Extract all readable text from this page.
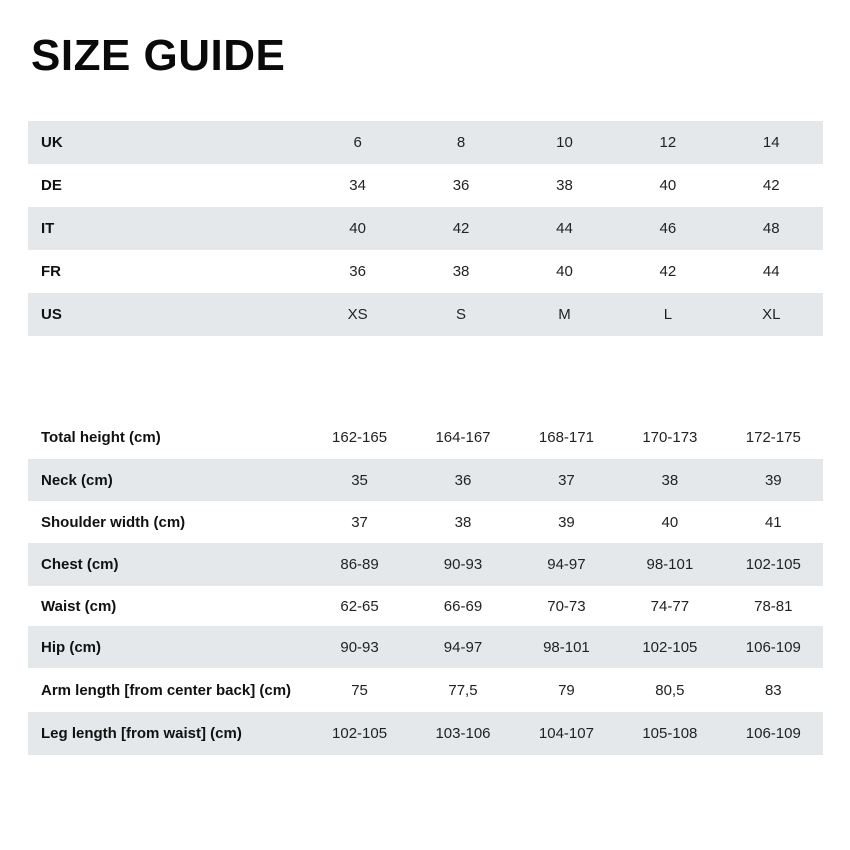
SIZE GUIDE
UK	6	8	10	12	14
DE	34	36	38	40	42
IT	40	42	44	46	48
FR	36	38	40	42	44
US	XS	S	M	L	XL
Total height (cm)	162-165	164-167	168-171	170-173	172-175
Neck (cm)	35	36	37	38	39
Shoulder width (cm)	37	38	39	40	41
Chest (cm)	86-89	90-93	94-97	98-101	102-105
Waist (cm)	62-65	66-69	70-73	74-77	78-81
Hip (cm)	90-93	94-97	98-101	102-105	106-109
Arm length [from center back] (cm)	75	77,5	79	80,5	83
Leg length [from waist] (cm)	102-105	103-106	104-107	105-108	106-109
